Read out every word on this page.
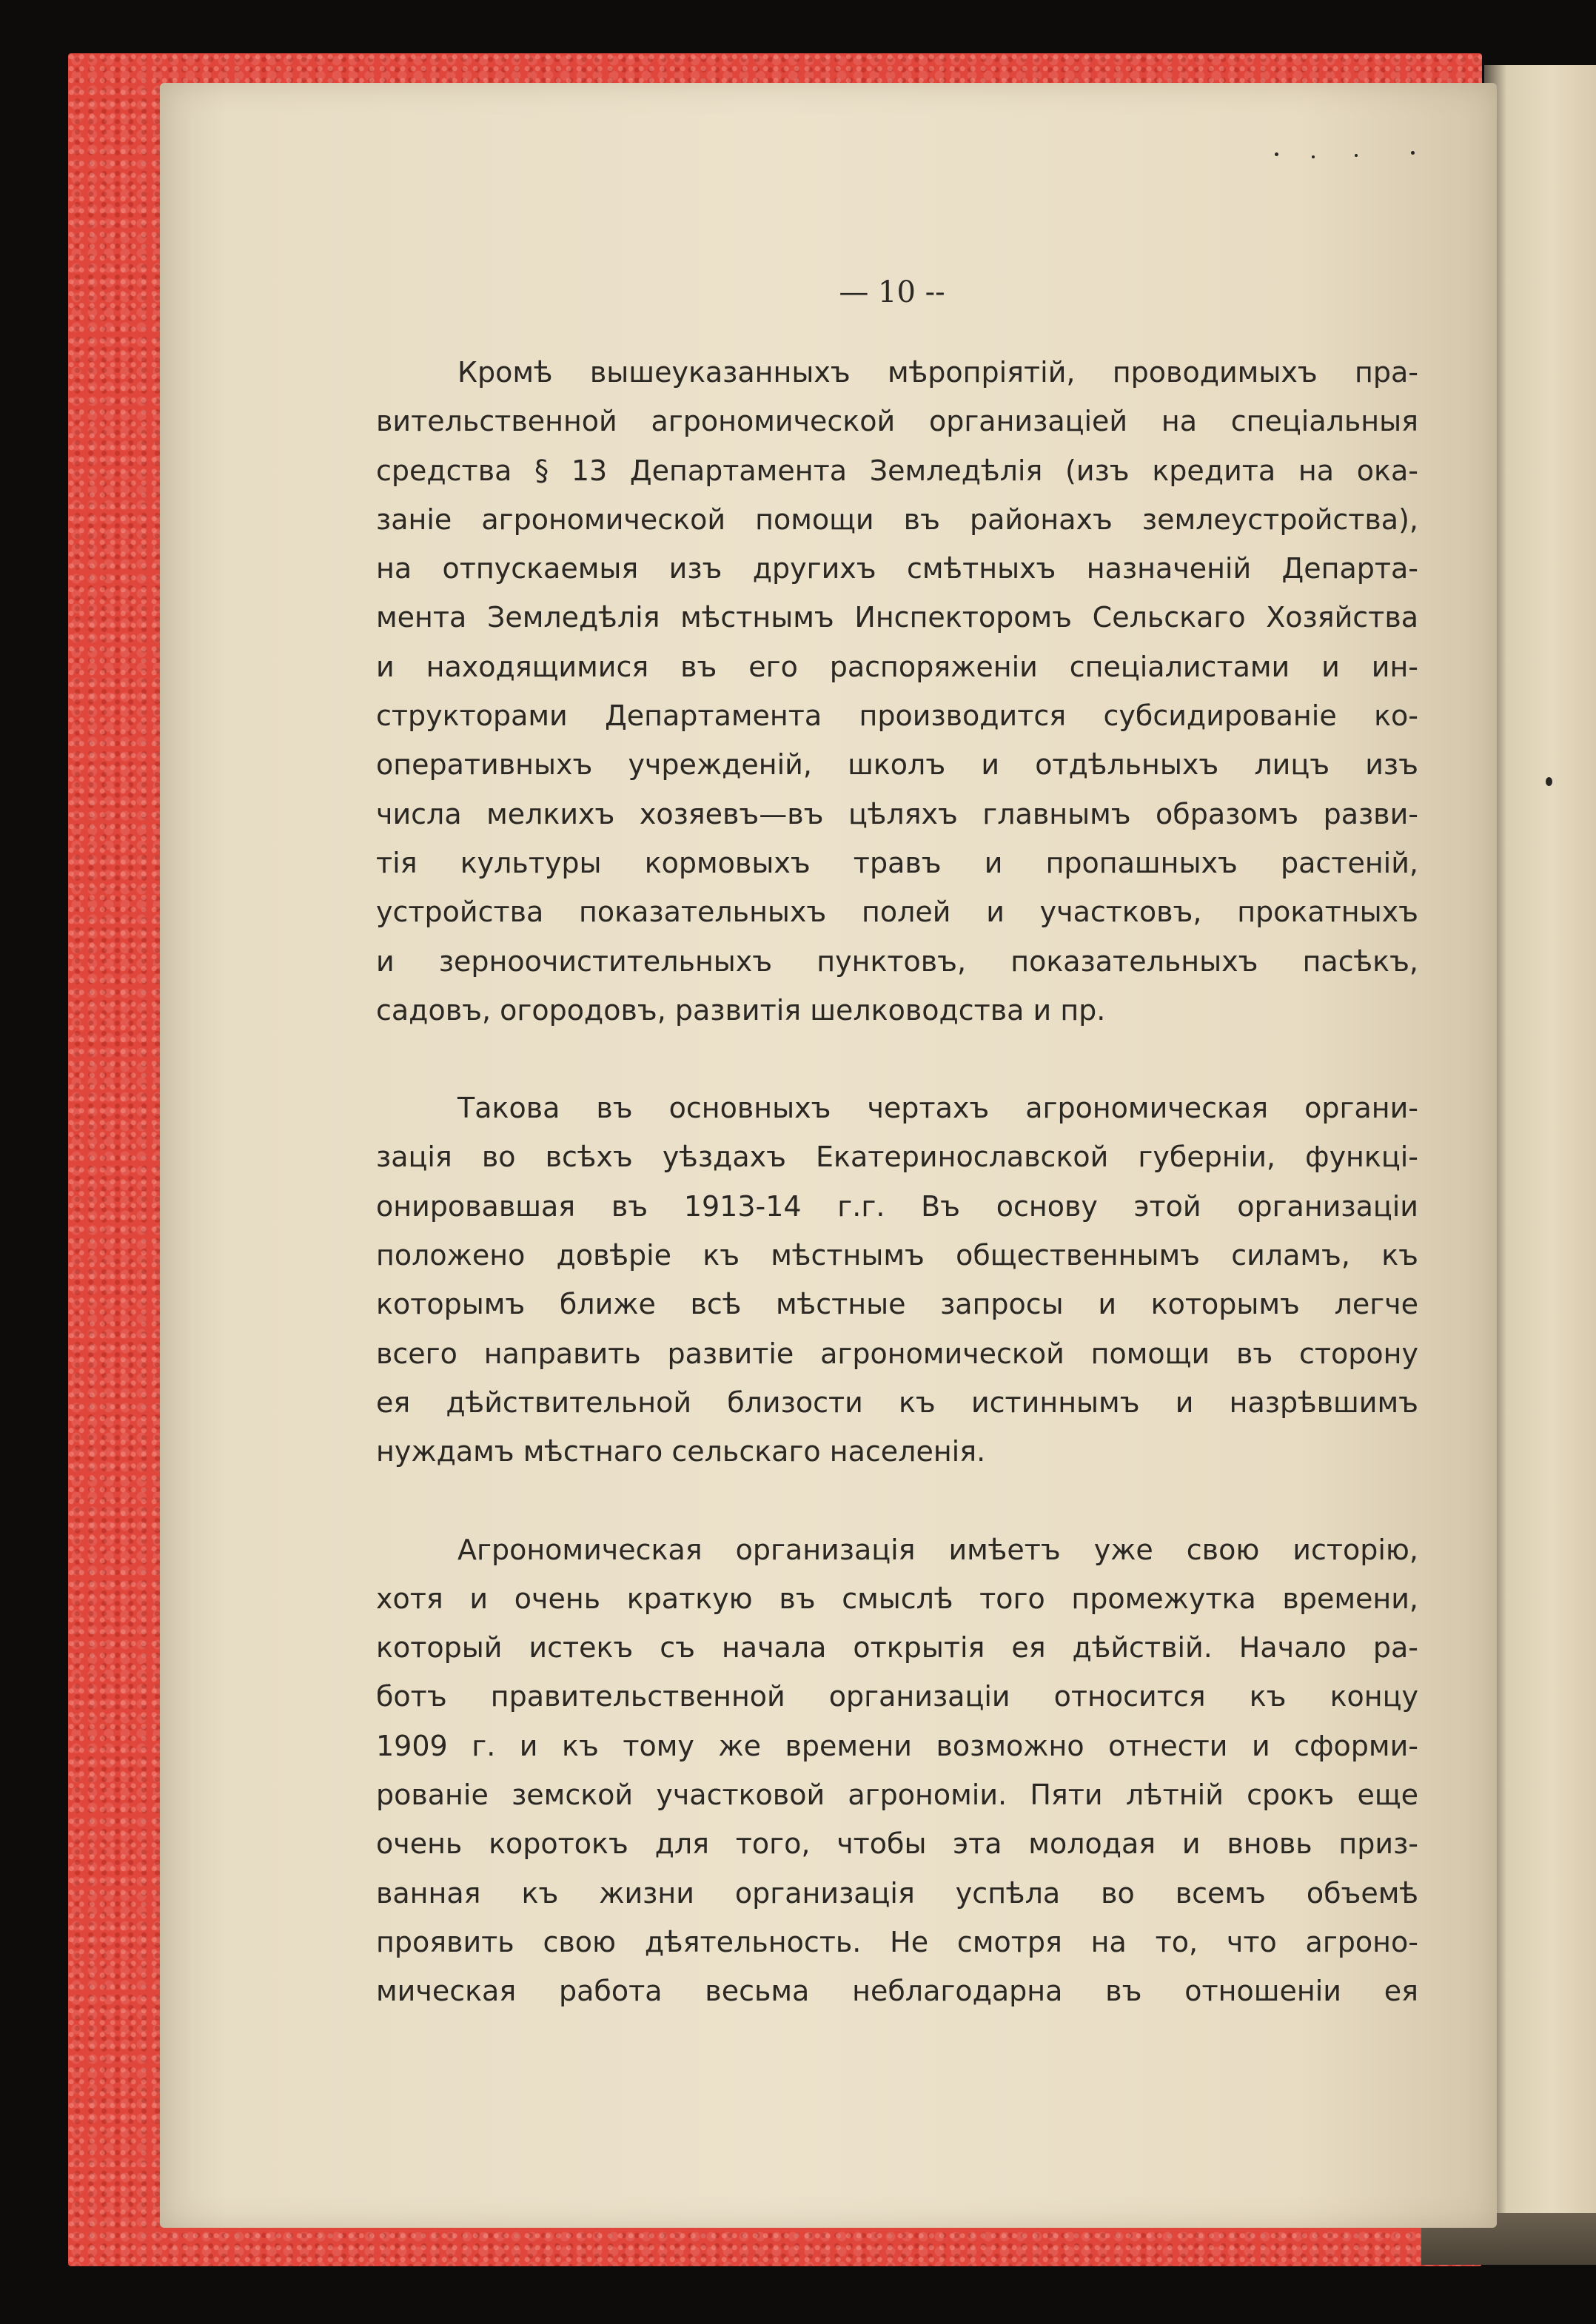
— 10 --
Кромѣ вышеуказанныхъ мѣропріятій, проводимыхъ пра-
вительственной агрономической организаціей на спеціальныя
средства § 13 Департамента Земледѣлія (изъ кредита на ока-
заніе агрономической помощи въ районахъ землеустройства),
на отпускаемыя изъ другихъ смѣтныхъ назначеній Департа-
мента Земледѣлія мѣстнымъ Инспекторомъ Сельскаго Хозяйства
и находящимися въ его распоряженіи спеціалистами и ин-
структорами Департамента производится субсидированіе ко-
оперативныхъ учрежденій, школъ и отдѣльныхъ лицъ изъ
числа мелкихъ хозяевъ—въ цѣляхъ главнымъ образомъ разви-
тія культуры кормовыхъ травъ и пропашныхъ растеній,
устройства показательныхъ полей и участковъ, прокатныхъ
и зерноочистительныхъ пунктовъ, показательныхъ пасѣкъ,
садовъ, огородовъ, развитія шелководства и пр.
Такова въ основныхъ чертахъ агрономическая органи-
зація во всѣхъ уѣздахъ Екатеринославской губерніи, функці-
онировавшая въ 1913-14 г.г. Въ основу этой организаціи
положено довѣріе къ мѣстнымъ общественнымъ силамъ, къ
которымъ ближе всѣ мѣстные запросы и которымъ легче
всего направить развитіе агрономической помощи въ сторону
ея дѣйствительной близости къ истиннымъ и назрѣвшимъ
нуждамъ мѣстнаго сельскаго населенія.
Агрономическая организація имѣетъ уже свою исторію,
хотя и очень краткую въ смыслѣ того промежутка времени,
который истекъ съ начала открытія ея дѣйствій. Начало ра-
ботъ правительственной организаціи относится къ концу
1909 г. и къ тому же времени возможно отнести и сформи-
рованіе земской участковой агрономіи. Пяти лѣтній срокъ еще
очень коротокъ для того, чтобы эта молодая и вновь приз-
ванная къ жизни организація успѣла во всемъ объемѣ
проявить свою дѣятельность. Не смотря на то, что агроно-
мическая работа весьма неблагодарна въ отношеніи ея
